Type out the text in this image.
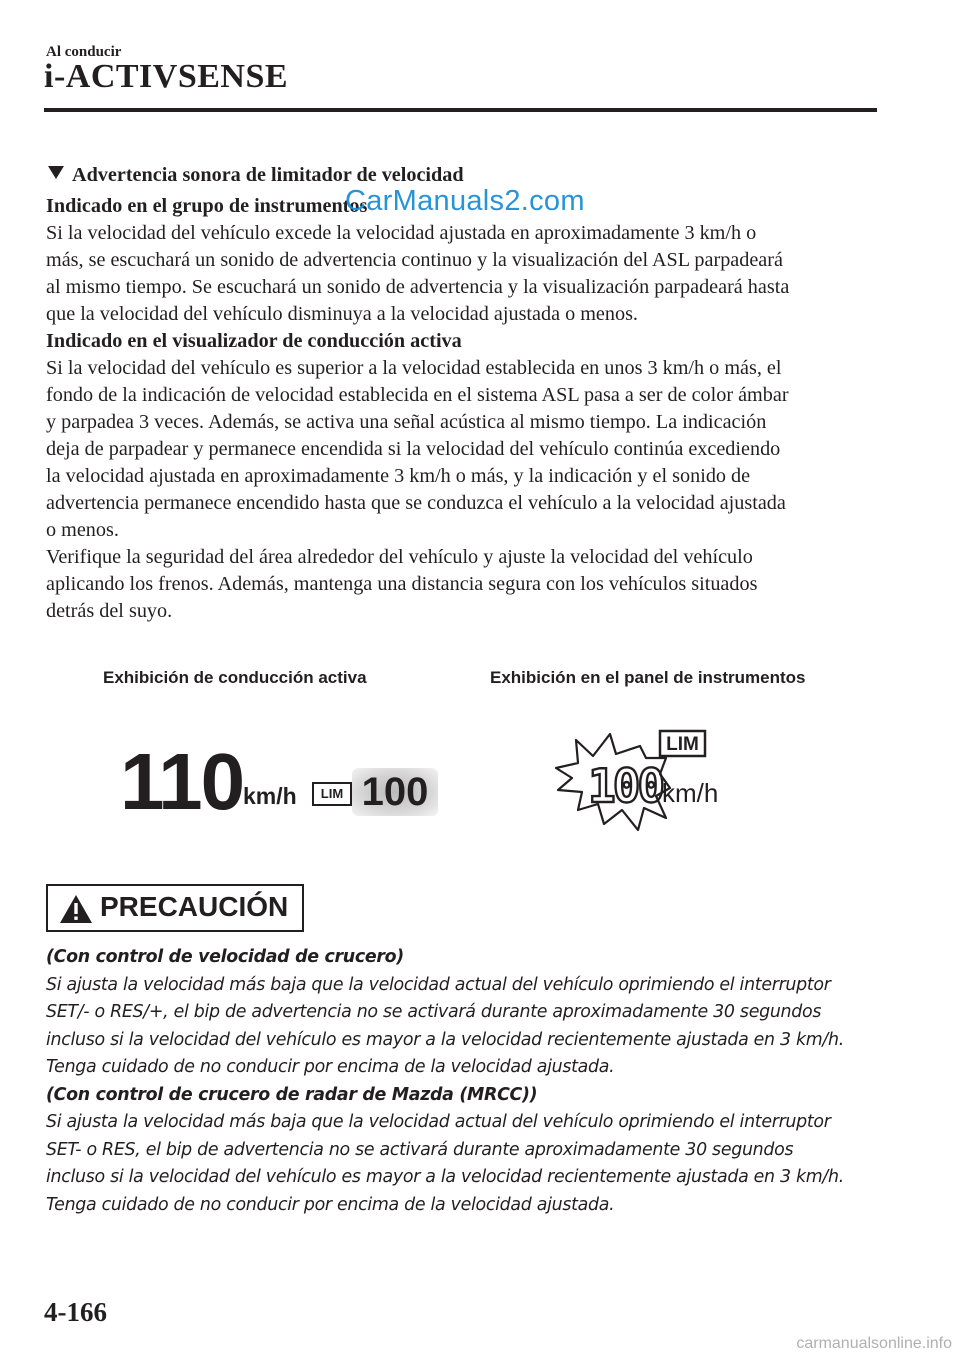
Al conducir
i-ACTIVSENSE
Advertencia sonora de limitador de velocidad
Indicado en el grupo de instrumentos
Si la velocidad del vehículo excede la velocidad ajustada en aproximadamente 3 km/h o
más, se escuchará un sonido de advertencia continuo y la visualización del ASL parpadeará
al mismo tiempo. Se escuchará un sonido de advertencia y la visualización parpadeará hasta
que la velocidad del vehículo disminuya a la velocidad ajustada o menos.
Indicado en el visualizador de conducción activa
Si la velocidad del vehículo es superior a la velocidad establecida en unos 3 km/h o más, el
fondo de la indicación de velocidad establecida en el sistema ASL pasa a ser de color ámbar
y parpadea 3 veces. Además, se activa una señal acústica al mismo tiempo. La indicación
deja de parpadear y permanece encendida si la velocidad del vehículo continúa excediendo
la velocidad ajustada en aproximadamente 3 km/h o más, y la indicación y el sonido de
advertencia permanece encendido hasta que se conduzca el vehículo a la velocidad ajustada
o menos.
Verifique la seguridad del área alrededor del vehículo y ajuste la velocidad del vehículo
aplicando los frenos. Además, mantenga una distancia segura con los vehículos situados
detrás del suyo.
CarManuals2.com
Exhibición de conducción activa	Exhibición en el panel de instrumentos
110 km/h	LIM 100
LIM
100 km/h
PRECAUCIÓN
(Con control de velocidad de crucero)
Si ajusta la velocidad más baja que la velocidad actual del vehículo oprimiendo el interruptor
SET/- o RES/+, el bip de advertencia no se activará durante aproximadamente 30 segundos
incluso si la velocidad del vehículo es mayor a la velocidad recientemente ajustada en 3 km/h.
Tenga cuidado de no conducir por encima de la velocidad ajustada.
(Con control de crucero de radar de Mazda (MRCC))
Si ajusta la velocidad más baja que la velocidad actual del vehículo oprimiendo el interruptor
SET- o RES, el bip de advertencia no se activará durante aproximadamente 30 segundos
incluso si la velocidad del vehículo es mayor a la velocidad recientemente ajustada en 3 km/h.
Tenga cuidado de no conducir por encima de la velocidad ajustada.
4-166
carmanualsonline.info
